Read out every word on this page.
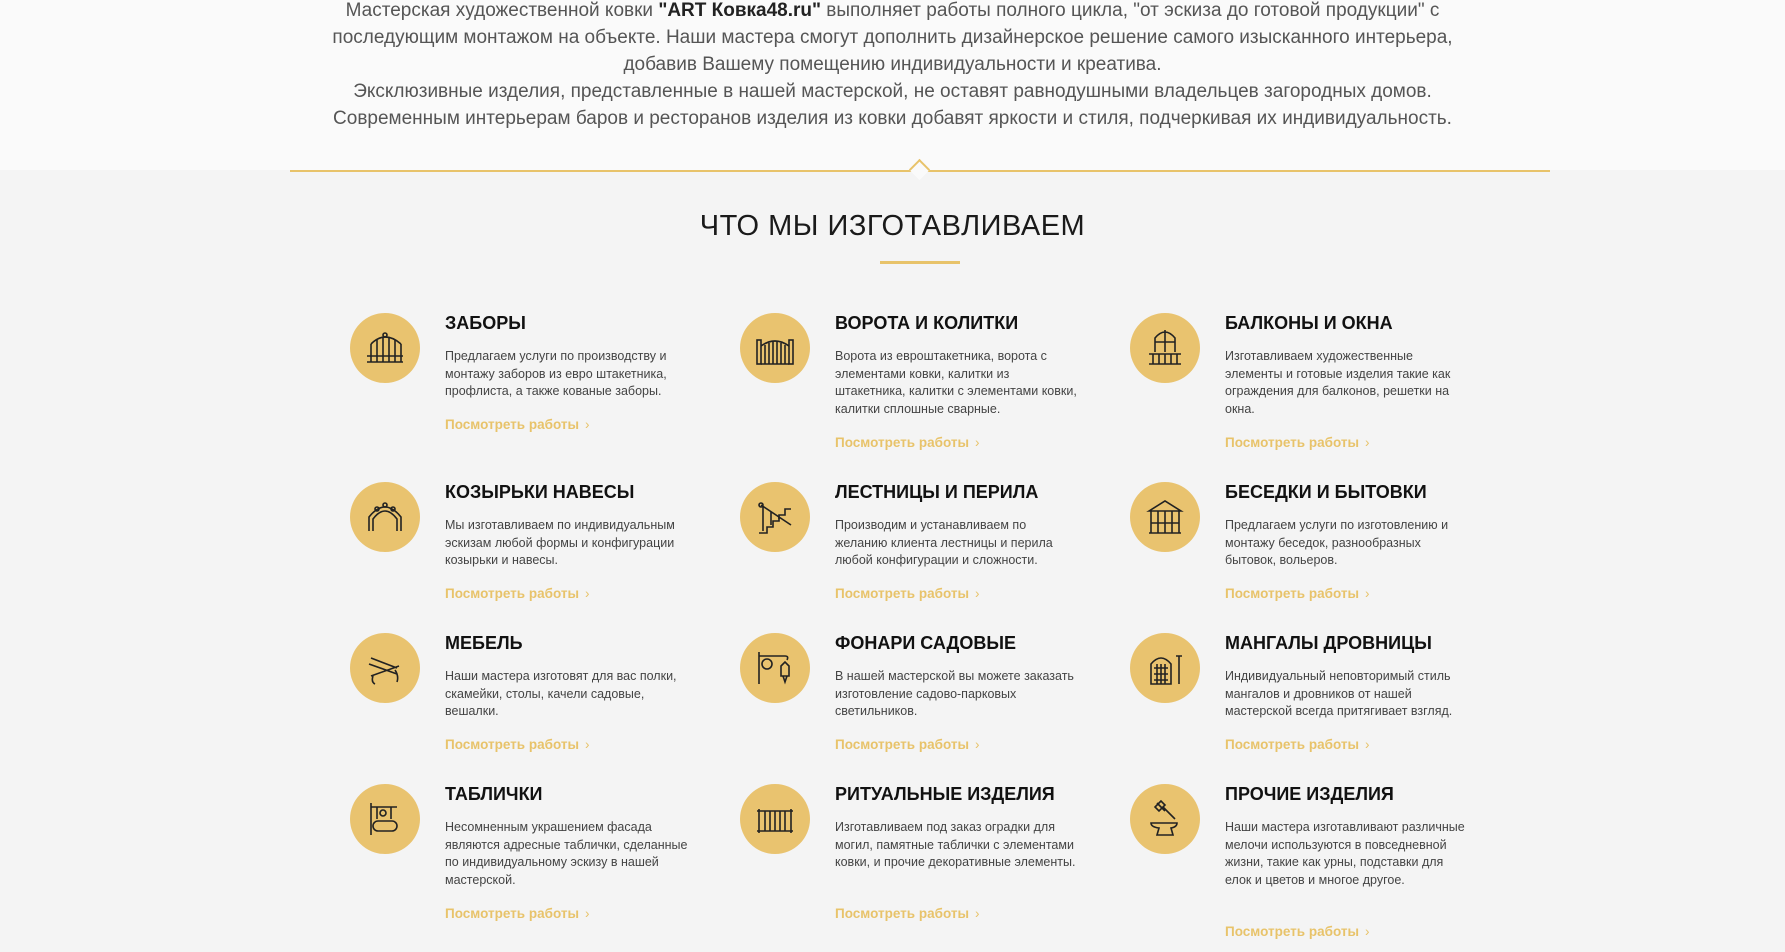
Мастерская художественной ковки "ART Ковка48.ru" выполняет работы полного цикла, "от эскиза до готовой продукции" с

последующим монтажом на объекте. Наши мастера смогут дополнить дизайнерское решение самого изысканного интерьера,

добавив Вашему помещению индивидуальности и креатива.

Эксклюзивные изделия, представленные в нашей мастерской, не оставят равнодушными владельцев загородных домов.

Современным интерьерам баров и ресторанов изделия из ковки добавят яркости и стиля, подчеркивая их индивидуальность.

ЧТО МЫ ИЗГОТАВЛИВАЕМ
ЗАБОРЫ
Предлагаем услуги по производству и монтажу заборов из евро штакетника, профлиста, а также кованые заборы.
Посмотреть работы ›
ВОРОТА И КОЛИТКИ
Ворота из евроштакетника, ворота с элементами ковки, калитки из штакетника, калитки с элементами ковки, калитки сплошные сварные.
Посмотреть работы ›
БАЛКОНЫ И ОКНА
Изготавливаем художественные элементы и готовые изделия такие как ограждения для балконов, решетки на окна.
Посмотреть работы ›
КОЗЫРЬКИ НАВЕСЫ
Мы изготавливаем по индивидуальным эскизам любой формы и конфигурации козырьки и навесы.
Посмотреть работы ›
ЛЕСТНИЦЫ И ПЕРИЛА
Производим и устанавливаем по желанию клиента лестницы и перила любой конфигурации и сложности.
Посмотреть работы ›
БЕСЕДКИ И БЫТОВКИ
Предлагаем услуги по изготовлению и монтажу беседок, разнообразных бытовок, вольеров.
Посмотреть работы ›
МЕБЕЛЬ
Наши мастера изготовят для вас полки, скамейки, столы, качели садовые, вешалки.
Посмотреть работы ›
ФОНАРИ САДОВЫЕ
В нашей мастерской вы можете заказать изготовление садово-парковых светильников.
Посмотреть работы ›
МАНГАЛЫ ДРОВНИЦЫ
Индивидуальный неповторимый стиль мангалов и дровников от нашей мастерской всегда притягивает взгляд.
Посмотреть работы ›
ТАБЛИЧКИ
Несомненным украшением фасада являются адресные таблички, сделанные по индивидуальному эскизу в нашей мастерской.
Посмотреть работы ›
РИТУАЛЬНЫЕ ИЗДЕЛИЯ
Изготавливаем под заказ оградки для могил, памятные таблички с элементами ковки, и прочие декоративные элементы.
Посмотреть работы ›
ПРОЧИЕ ИЗДЕЛИЯ
Наши мастера изготавливают различные мелочи используются в повседневной жизни, такие как урны, подставки для елок и цветов и многое другое.
Посмотреть работы ›
